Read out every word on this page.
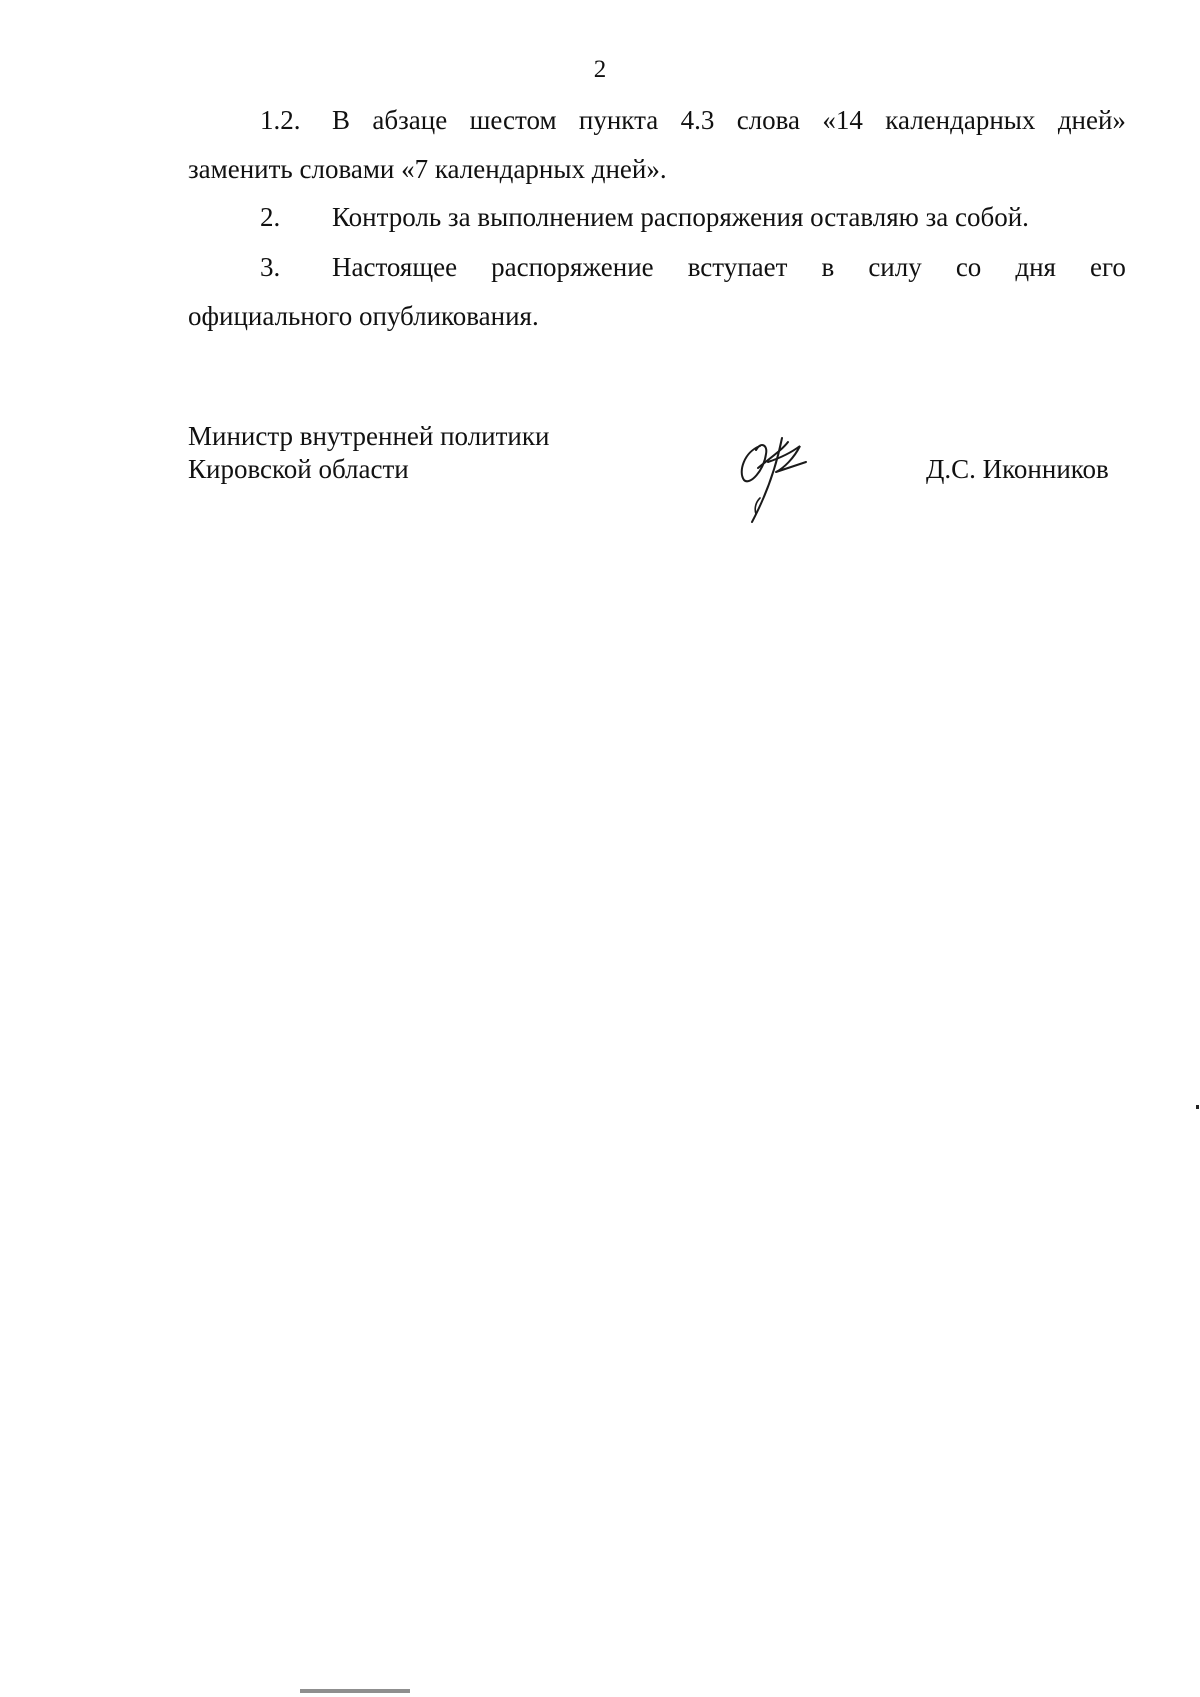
2
1.2.	В абзаце шестом пункта 4.3 слова «14 календарных дней»
заменить словами «7 календарных дней».
2. Контроль за выполнением распоряжения оставляю за собой.
3.	Настоящее распоряжение вступает в силу со дня его
официального опубликования.
Министр внутренней политики
Кировской области	Д.С. Иконников
